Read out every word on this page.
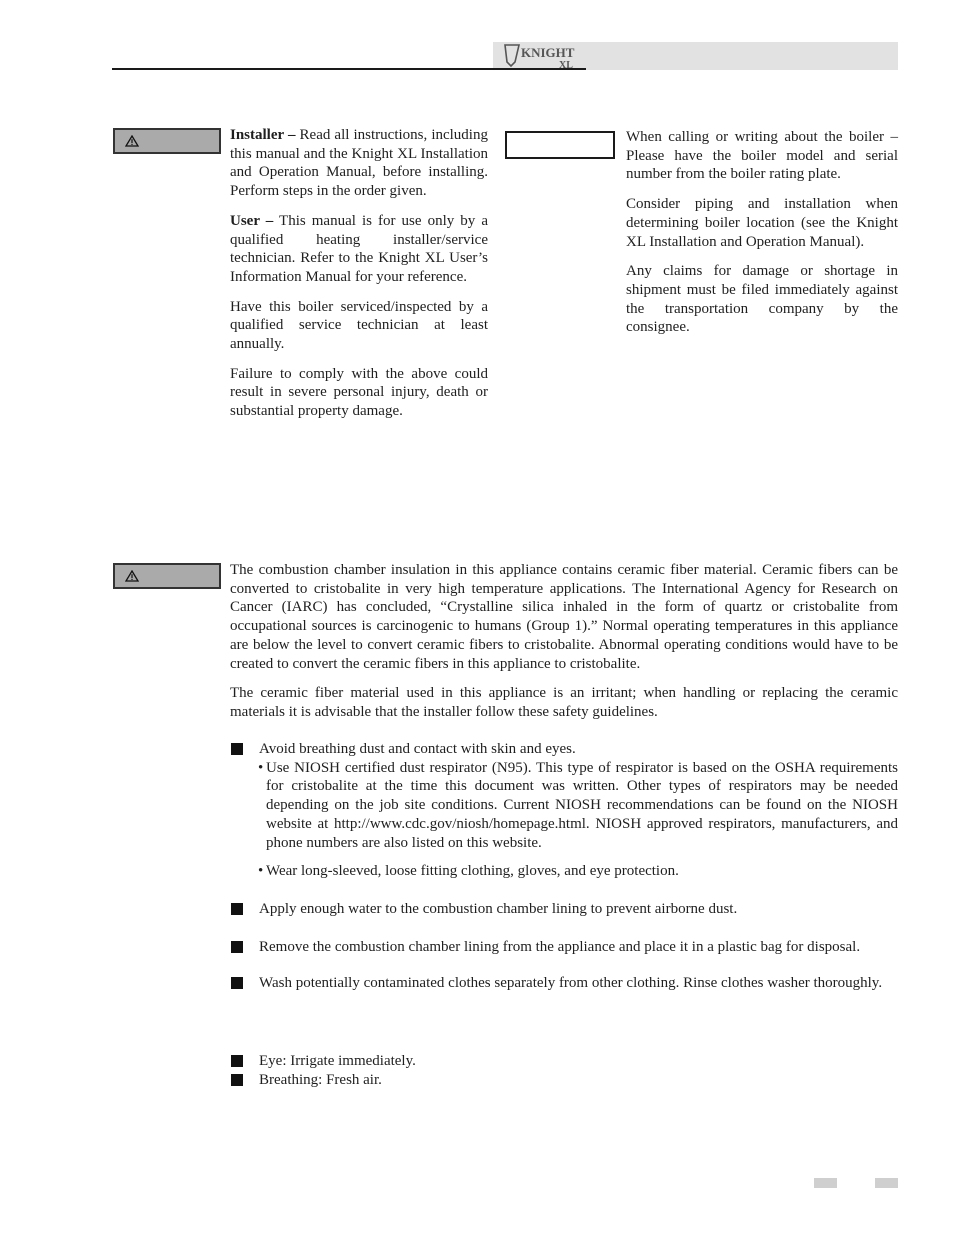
KNIGHT
XL

Installer – Read all instructions, including this manual and the Knight XL Installation and Operation Manual, before installing. Perform steps in the order given.

User – This manual is for use only by a qualified heating installer/service technician. Refer to the Knight XL User’s Information Manual for your reference.

Have this boiler serviced/inspected by a qualified service technician at least annually.

Failure to comply with the above could result in severe personal injury, death or substantial property damage.

When calling or writing about the boiler – Please have the boiler model and serial number from the boiler rating plate.

Consider piping and installation when determining boiler location (see the Knight XL Installation and Operation Manual).

Any claims for damage or shortage in shipment must be filed immediately against the transportation company by the consignee.

The combustion chamber insulation in this appliance contains ceramic fiber material. Ceramic fibers can be converted to cristobalite in very high temperature applications. The International Agency for Research on Cancer (IARC) has concluded, “Crystalline silica inhaled in the form of quartz or cristobalite from occupational sources is carcinogenic to humans (Group 1).” Normal operating temperatures in this appliance are below the level to convert ceramic fibers to cristobalite. Abnormal operating conditions would have to be created to convert the ceramic fibers in this appliance to cristobalite.

The ceramic fiber material used in this appliance is an irritant; when handling or replacing the ceramic materials it is advisable that the installer follow these safety guidelines.

Avoid breathing dust and contact with skin and eyes.
• Use NIOSH certified dust respirator (N95). This type of respirator is based on the OSHA requirements for cristobalite at the time this document was written. Other types of respirators may be needed depending on the job site conditions. Current NIOSH recommendations can be found on the NIOSH website at http://www.cdc.gov/niosh/homepage.html. NIOSH approved respirators, manufacturers, and phone numbers are also listed on this website.
• Wear long-sleeved, loose fitting clothing, gloves, and eye protection.
Apply enough water to the combustion chamber lining to prevent airborne dust.
Remove the combustion chamber lining from the appliance and place it in a plastic bag for disposal.
Wash potentially contaminated clothes separately from other clothing. Rinse clothes washer thoroughly.
Eye: Irrigate immediately.
Breathing: Fresh air.
